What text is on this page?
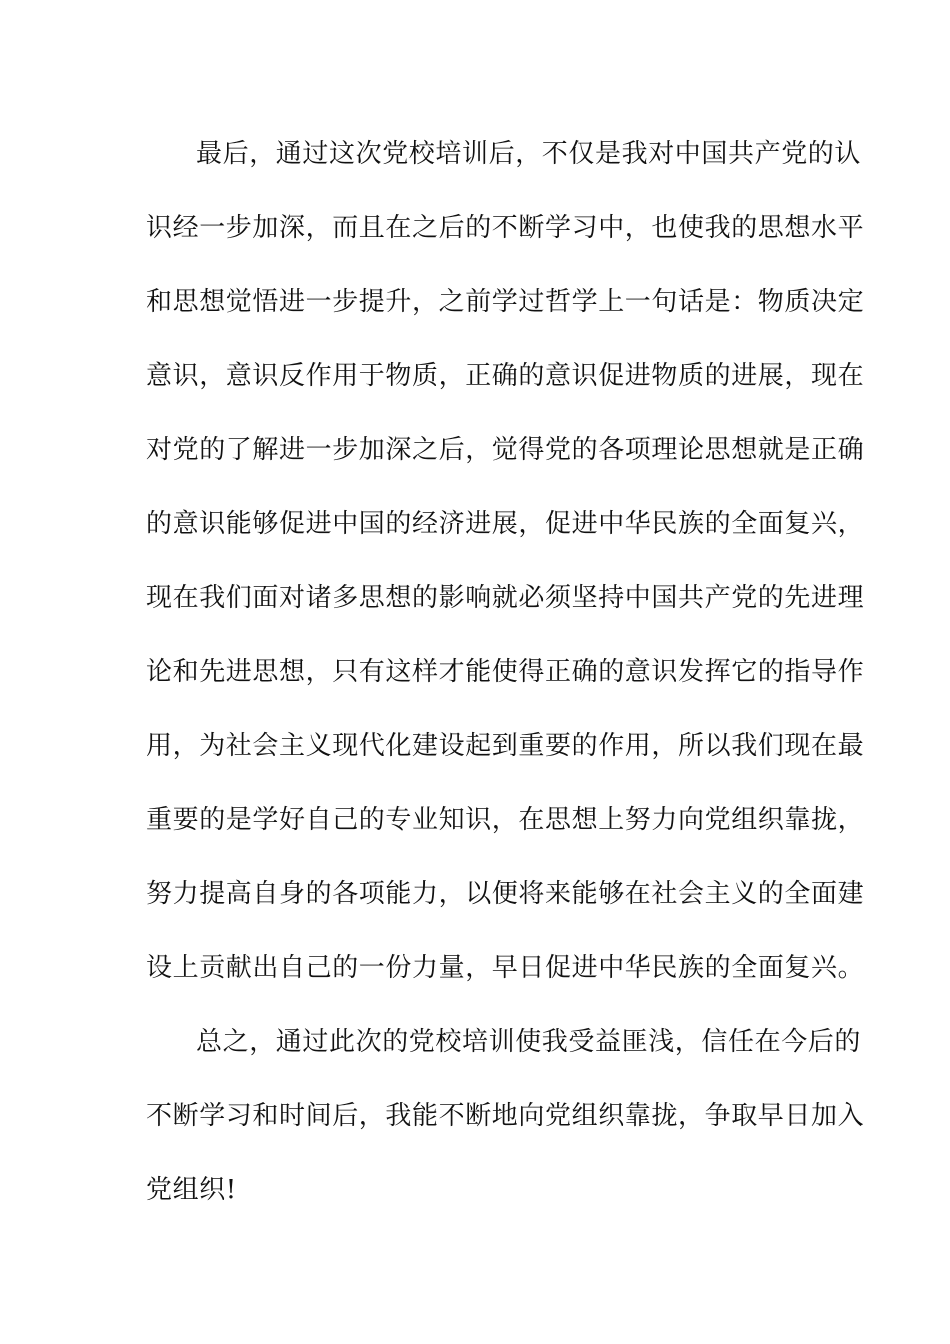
最后，通过这次党校培训后，不仅是我对中国共产党的认
识经一步加深，而且在之后的不断学习中，也使我的思想水平
和思想觉悟进一步提升，之前学过哲学上一句话是：物质决定
意识，意识反作用于物质，正确的意识促进物质的进展，现在
对党的了解进一步加深之后，觉得党的各项理论思想就是正确
的意识能够促进中国的经济进展，促进中华民族的全面复兴，
现在我们面对诸多思想的影响就必须坚持中国共产党的先进理
论和先进思想，只有这样才能使得正确的意识发挥它的指导作
用，为社会主义现代化建设起到重要的作用，所以我们现在最
重要的是学好自己的专业知识，在思想上努力向党组织靠拢，
努力提高自身的各项能力，以便将来能够在社会主义的全面建
设上贡献出自己的一份力量，早日促进中华民族的全面复兴。
总之，通过此次的党校培训使我受益匪浅，信任在今后的
不断学习和时间后，我能不断地向党组织靠拢，争取早日加入
党组织!
